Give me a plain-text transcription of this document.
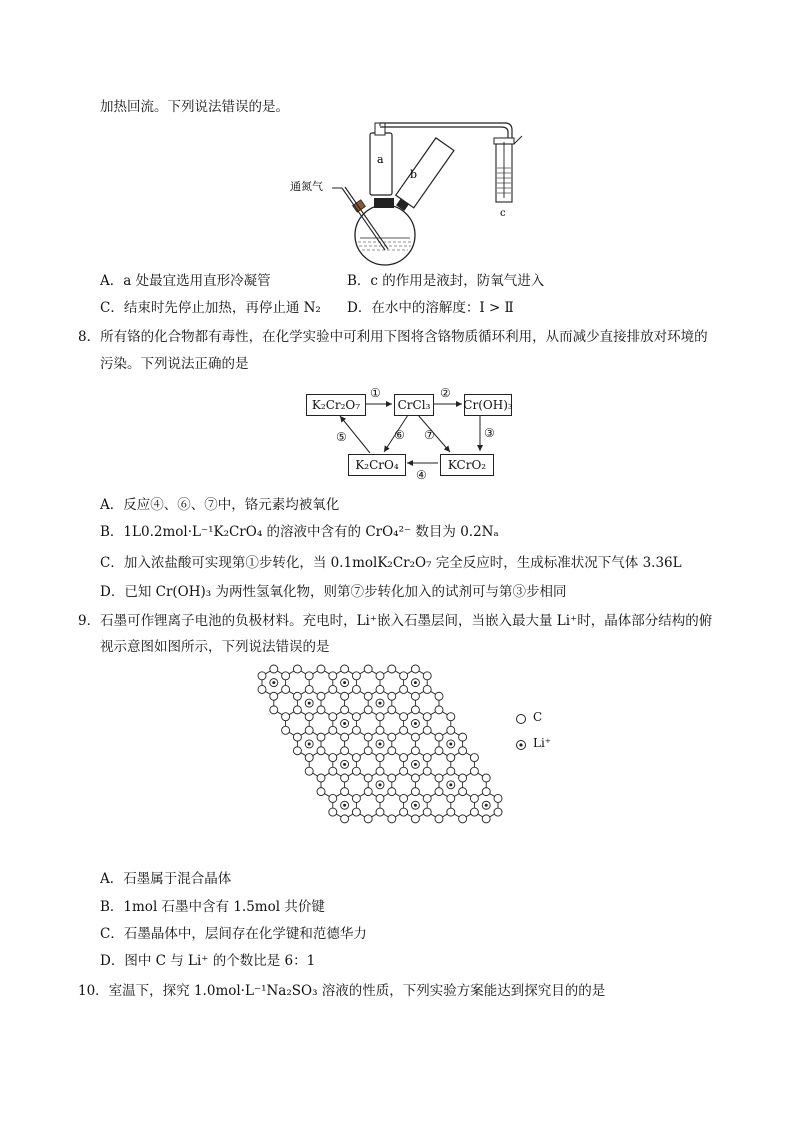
加热回流。下列说法错误的是。
通氮气
a
b
c
A．a 处最宜选用直形冷凝管	B．c 的作用是液封，防氧气进入
C．结束时先停止加热，再停止通 N₂ D．在水中的溶解度：I > Ⅱ
8．所有铬的化合物都有毒性，在化学实验中可利用下图将含铬物质循环利用，从而减少直接排放对环境的
污染。下列说法正确的是
K₂Cr₂O₇	CrCl₃	Cr(OH)₃
K₂CrO₄	KCrO₂
①	②
③
④
⑤	⑥ ⑦
A．反应④、⑥、⑦中，铬元素均被氧化
B．1L0.2mol·L⁻¹K₂CrO₄ 的溶液中含有的 CrO₄²⁻ 数目为 0.2Nₐ
C．加入浓盐酸可实现第①步转化，当 0.1molK₂Cr₂O₇ 完全反应时，生成标准状况下气体 3.36L
D．已知 Cr(OH)₃ 为两性氢氧化物，则第⑦步转化加入的试剂可与第③步相同
9．石墨可作锂离子电池的负极材料。充电时，Li⁺嵌入石墨层间，当嵌入最大量 Li⁺时，晶体部分结构的俯
视示意图如图所示，下列说法错误的是
C
Li⁺
A．石墨属于混合晶体
B．1mol 石墨中含有 1.5mol 共价键
C．石墨晶体中，层间存在化学键和范德华力
D．图中 C 与 Li⁺ 的个数比是 6：1
10．室温下，探究 1.0mol·L⁻¹Na₂SO₃ 溶液的性质，下列实验方案能达到探究目的的是
